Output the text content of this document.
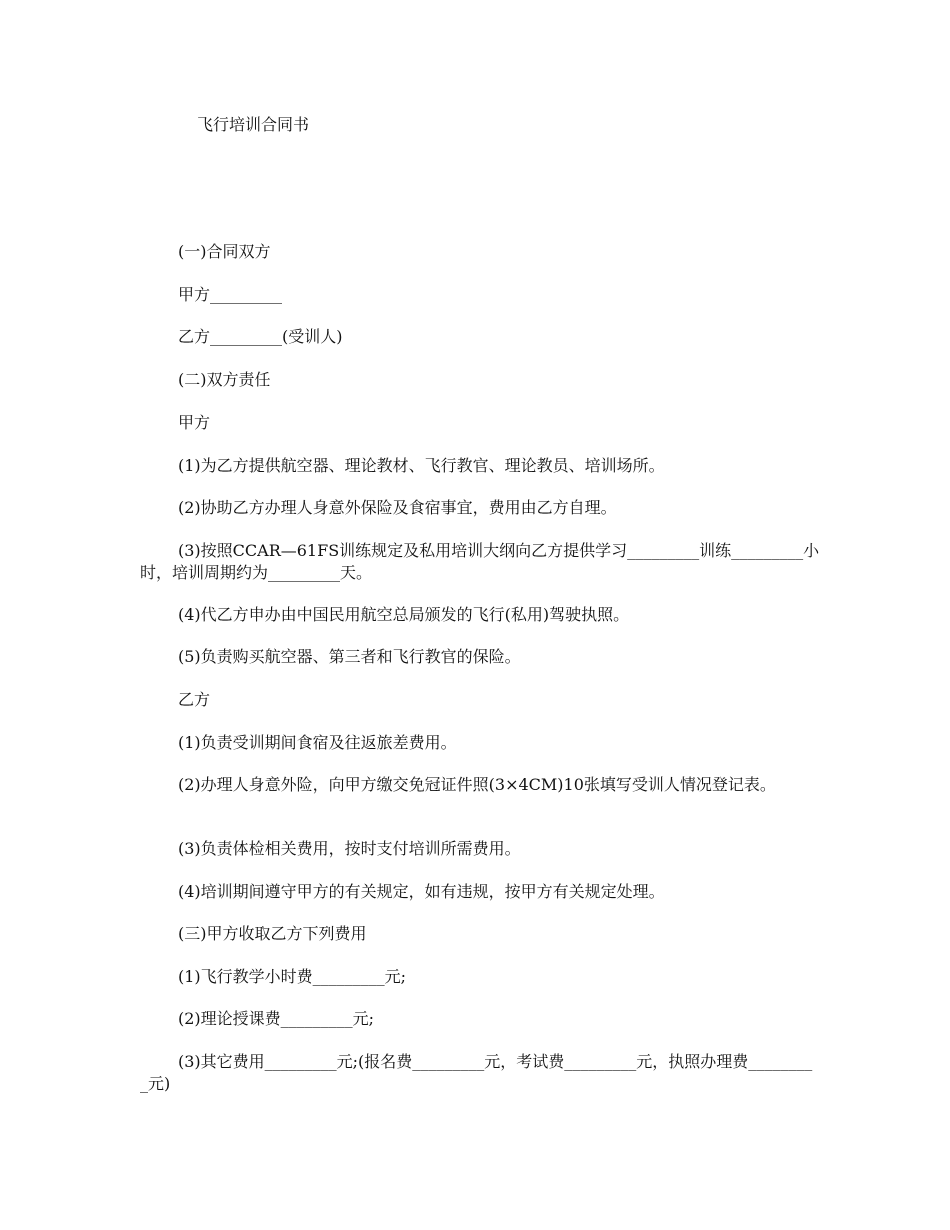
飞行培训合同书
(一)合同双方
甲方_________
乙方_________(受训人)
(二)双方责任
甲方
(1)为乙方提供航空器、理论教材、飞行教官、理论教员、培训场所。
(2)协助乙方办理人身意外保险及食宿事宜，费用由乙方自理。
(3)按照CCAR—61FS训练规定及私用培训大纲向乙方提供学习_________训练_________小时，培训周期约为_________天。
(4)代乙方申办由中国民用航空总局颁发的飞行(私用)驾驶执照。
(5)负责购买航空器、第三者和飞行教官的保险。
乙方
(1)负责受训期间食宿及往返旅差费用。
(2)办理人身意外险，向甲方缴交免冠证件照(3×4CM)10张填写受训人情况登记表。
(3)负责体检相关费用，按时支付培训所需费用。
(4)培训期间遵守甲方的有关规定，如有违规，按甲方有关规定处理。
(三)甲方收取乙方下列费用
(1)飞行教学小时费_________元;
(2)理论授课费_________元;
(3)其它费用_________元;(报名费_________元，考试费_________元，执照办理费_________元)
